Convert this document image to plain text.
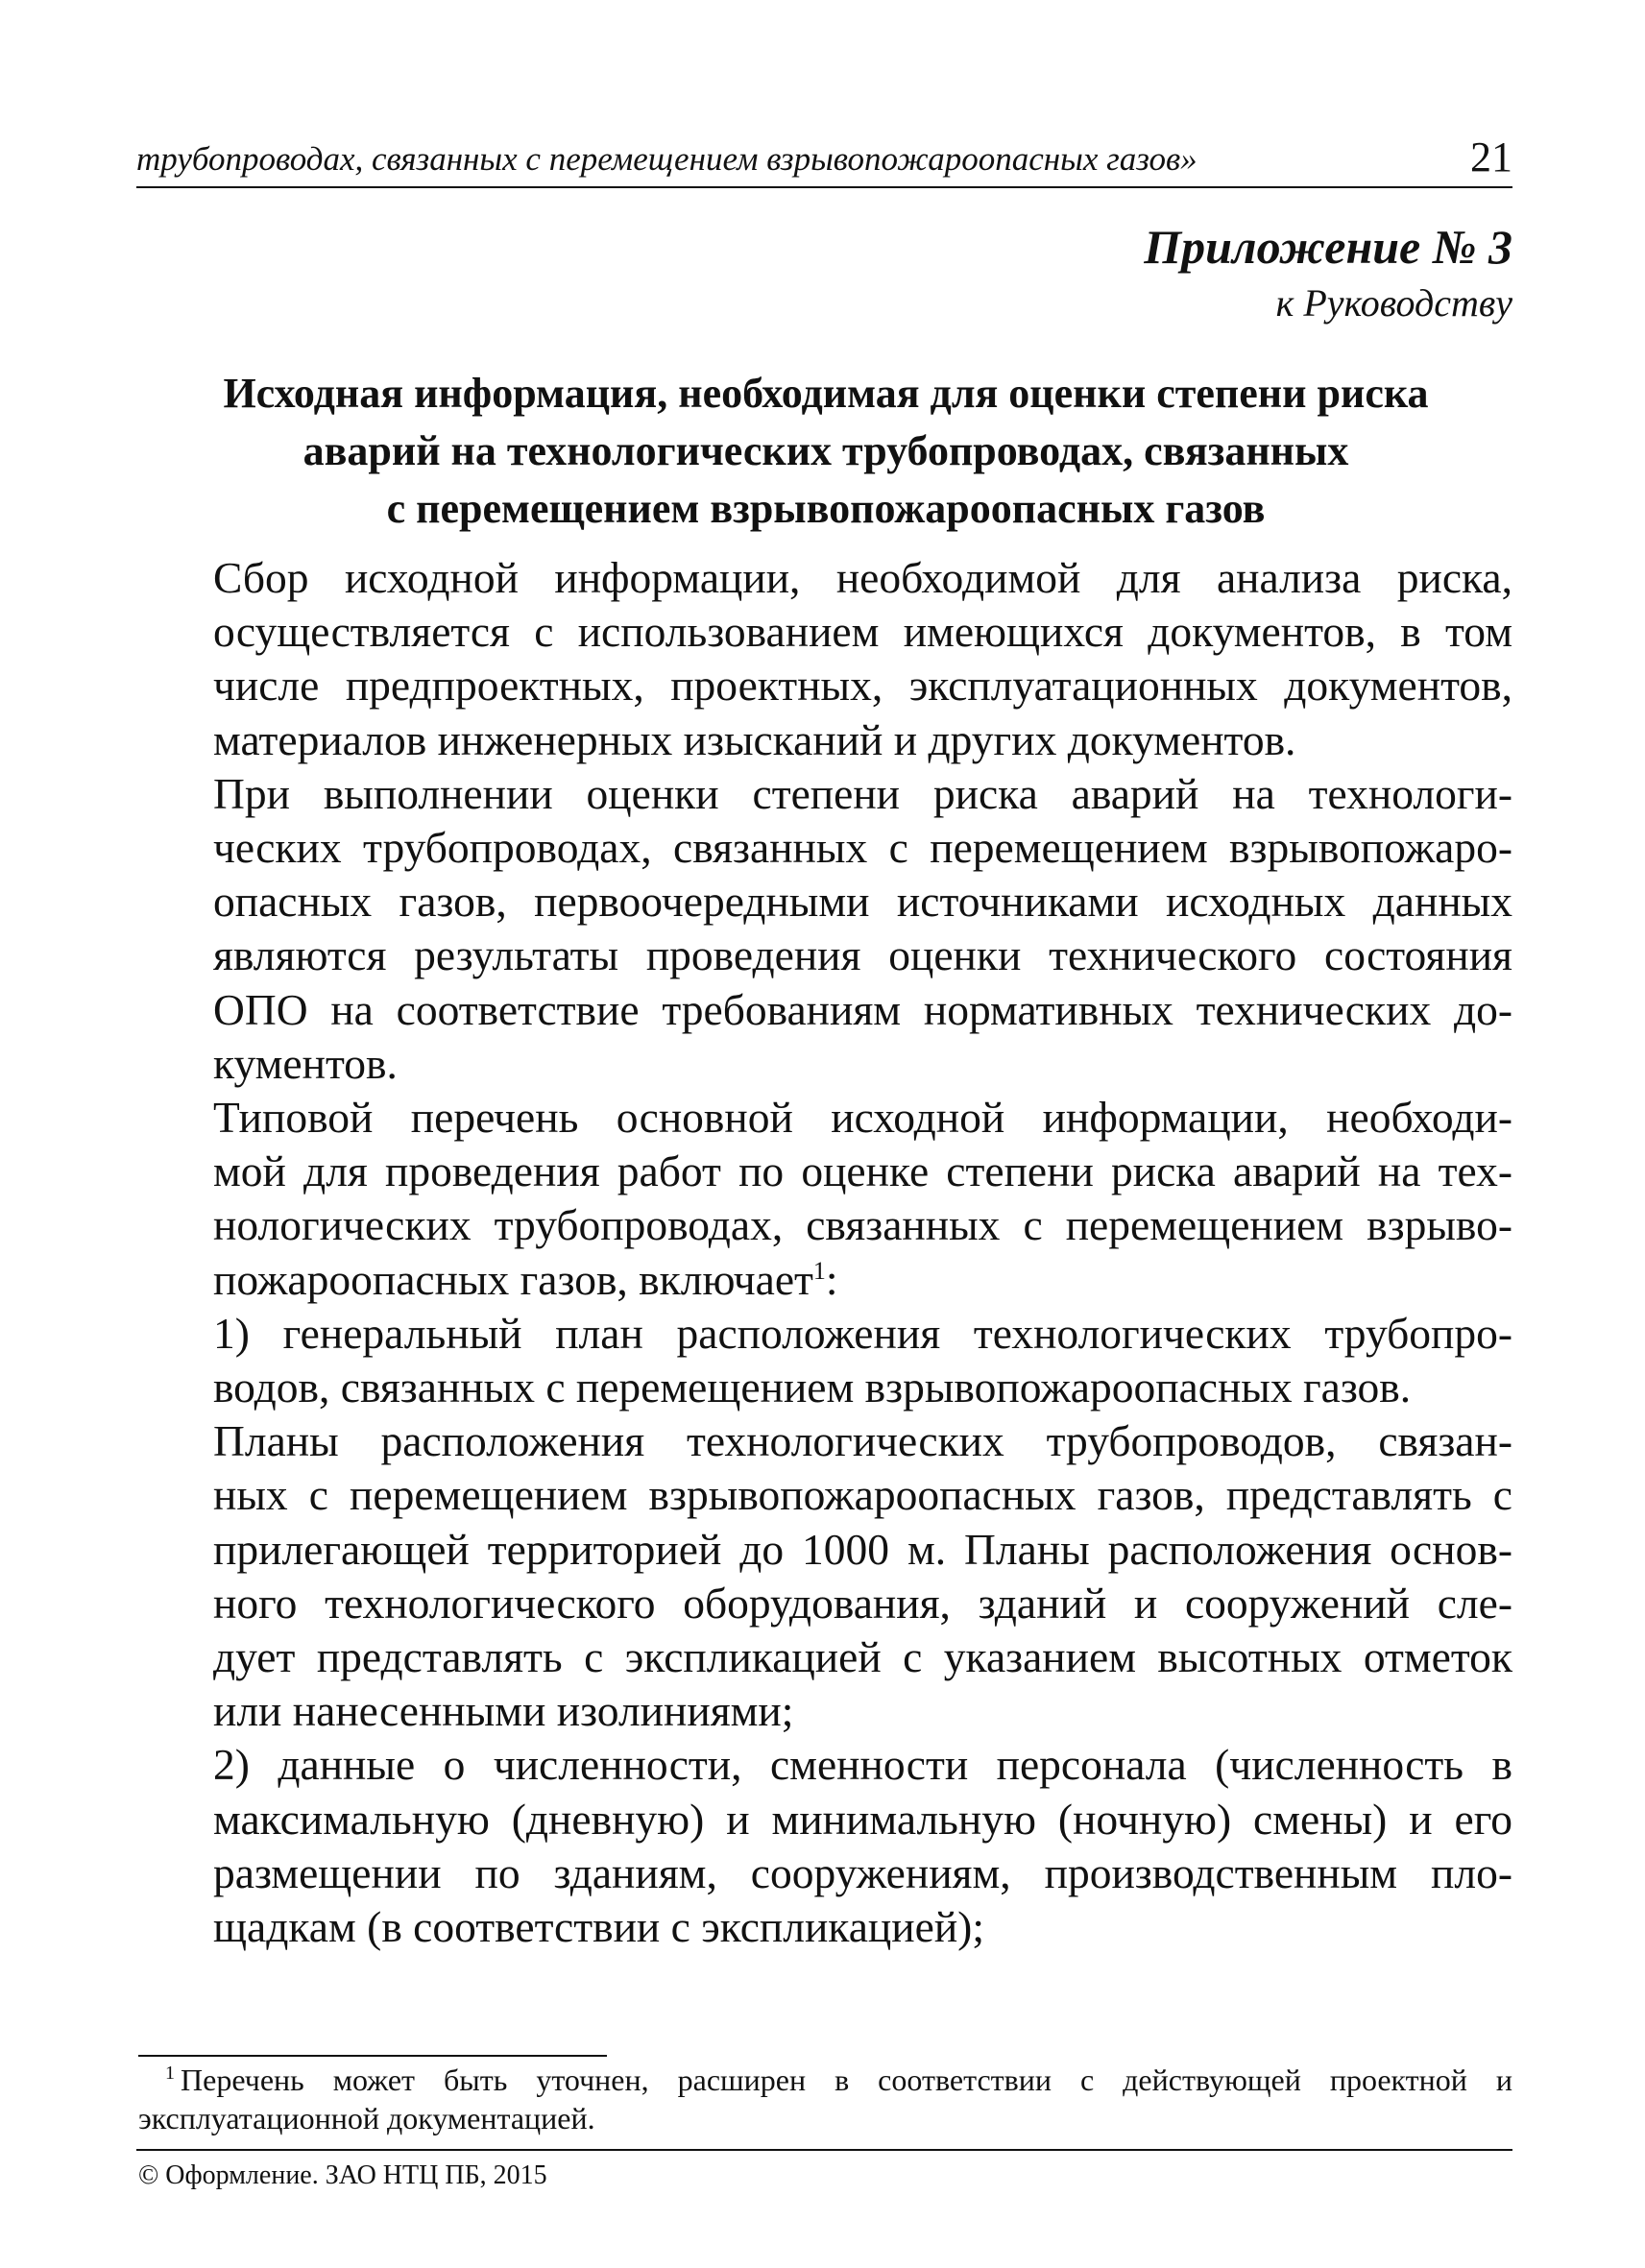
трубопроводах, связанных с перемещением взрывопожароопасных газов»	21
Приложение № 3
к Руководству
Исходная информация, необходимая для оценки степени риска
аварий на технологических трубопроводах, связанных
с перемещением взрывопожароопасных газов

Сбор исходной информации, необходимой для анализа риска,
осуществляется с использованием имеющихся документов, в том
числе предпроектных, проектных, эксплуатационных документов,
материалов инженерных изысканий и других документов.

При выполнении оценки степени риска аварий на технологи-
ческих трубопроводах, связанных с перемещением взрывопожаро-
опасных газов, первоочередными источниками исходных данных
являются результаты проведения оценки технического состояния
ОПО на соответствие требованиям нормативных технических до-
кументов.

Типовой перечень основной исходной информации, необходи-
мой для проведения работ по оценке степени риска аварий на тех-
нологических трубопроводах, связанных с перемещением взрыво-
пожароопасных газов, включает$^1$:

1) генеральный план расположения технологических трубопро-
водов, связанных с перемещением взрывопожароопасных газов.

Планы расположения технологических трубопроводов, связан-
ных с перемещением взрывопожароопасных газов, представлять с
прилегающей территорией до 1000 м. Планы расположения основ-
ного технологического оборудования, зданий и сооружений сле-
дует представлять с экспликацией с указанием высотных отметок
или нанесенными изолиниями;

2) данные о численности, сменности персонала (численность в
максимальную (дневную) и минимальную (ночную) смены) и его
размещении по зданиям, сооружениям, производственным пло-
щадкам (в соответствии с экспликацией);

$^1$ Перечень может быть уточнен, расширен в соответствии с действующей проектной и эксплуатационной документацией.
© Оформление. ЗАО НТЦ ПБ, 2015
